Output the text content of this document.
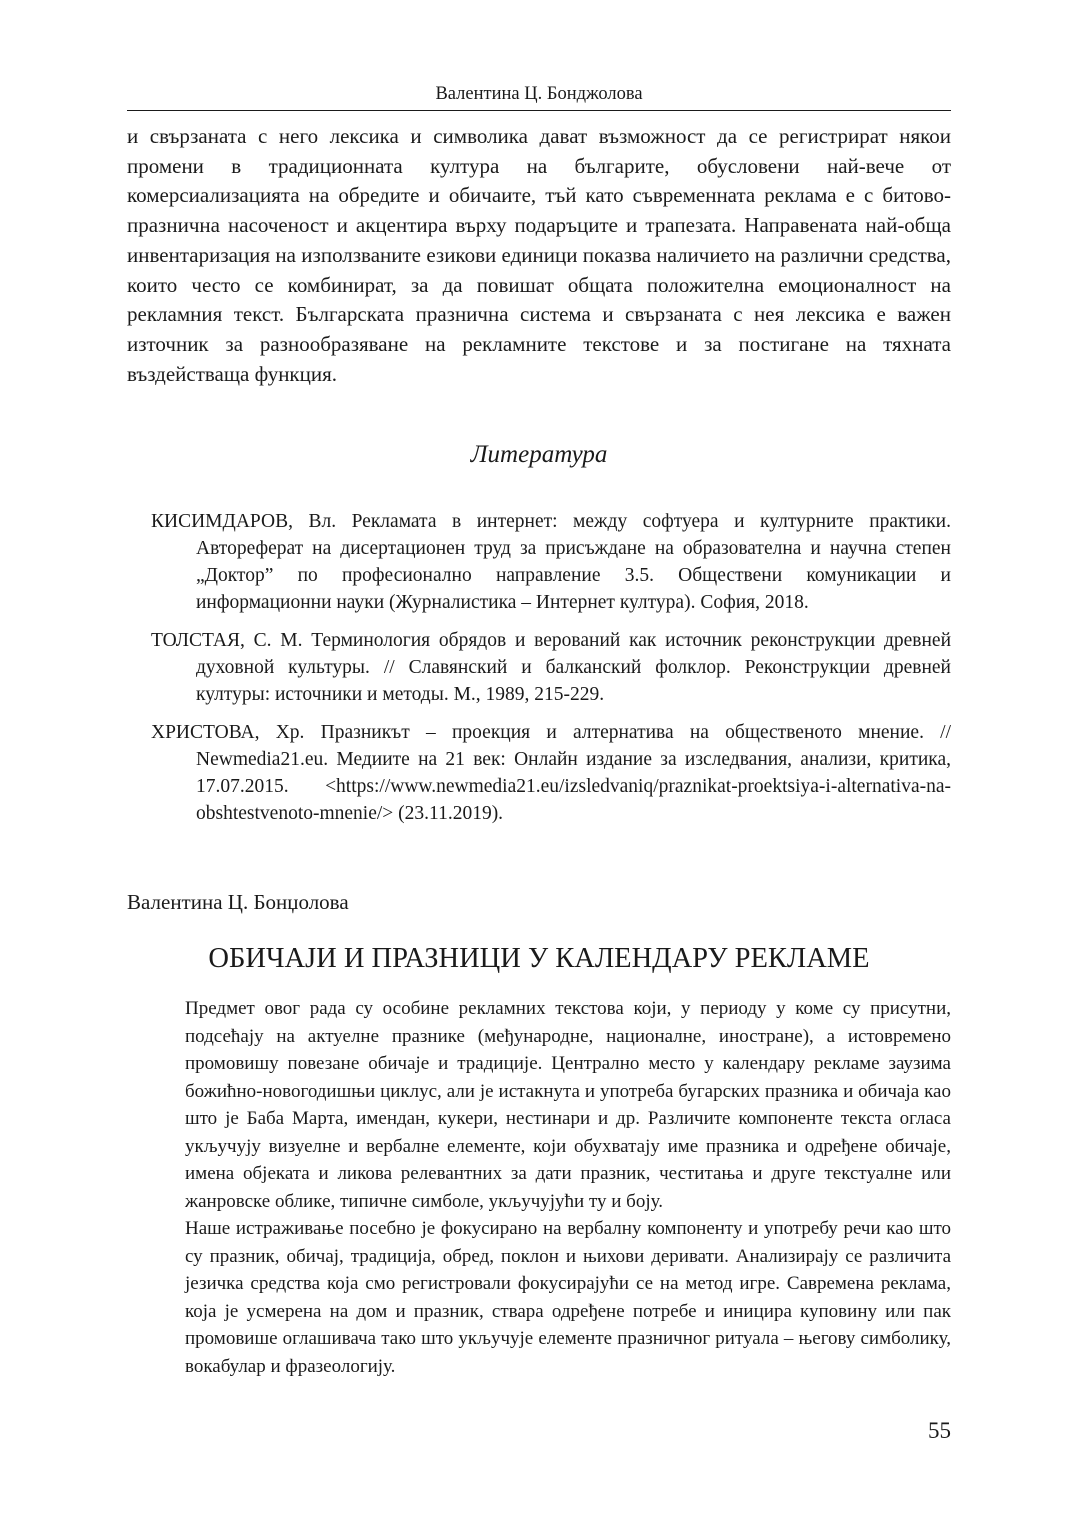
Валентина Ц. Бонджолова

и свързаната с него лексика и символика дават възможност да се регистрират някои промени в традиционната култура на българите, обусловени най-вече от комерсиализацията на обредите и обичаите, тъй като съвременната реклама е с битово-празнична насоченост и акцентира върху подаръците и трапезата. Направената най-обща инвентаризация на използваните езикови единици показва наличието на различни средства, които често се комбинират, за да повишат общата положителна емоционалност на рекламния текст. Българската празнична система и свързаната с нея лексика е важен източник за разнообразяване на рекламните текстове и за постигане на тяхната въздействаща функция.

Литература
КИСИМДАРОВ, Вл. Рекламата в интернет: между софтуера и културните практики. Автореферат на дисертационен труд за присъждане на образователна и научна степен „Доктор” по професионално направление 3.5. Обществени комуникации и информационни науки (Журналистика – Интернет култура). София, 2018.
ТОЛСТАЯ, С. М. Терминология обрядов и верований как источник реконструкции древней духовной культуры. // Славянский и балканский фолклор. Реконструкции древней културы: источники и методы. М., 1989, 215-229.
ХРИСТОВА, Хр. Празникът – проекция и алтернатива на общественото мнение. // Newmedia21.eu. Медиите на 21 век: Онлайн издание за изследвания, анализи, критика, 17.07.2015. <https://www.newmedia21.eu/izsledvaniq/praznikat-proektsiya-i-alternativa-na-obshtestvenoto-mnenie/> (23.11.2019).
Валентина Ц. Бонџолова
ОБИЧАЈИ И ПРАЗНИЦИ У КАЛЕНДАРУ РЕКЛАМЕ

Предмет овог рада су особине рекламних текстова који, у периоду у коме су присутни, подсећају на актуелне празнике (међународне, националне, иностране), а истовремено промовишу повезане обичаје и традиције. Централно место у календару рекламе заузима божићно-новогодишњи циклус, али је истакнута и употреба бугарских празника и обичаја као што је Баба Марта, имендан, кукери, нестинари и др. Различите компоненте текста огласа укључују визуелне и вербалне елементе, који обухватају име празника и одређене обичаје, имена објеката и ликова релевантних за дати празник, честитања и друге текстуалне или жанровске облике, типичне симболе, укључујући ту и боју.

Наше истраживање посебно је фокусирано на вербалну компоненту и употребу речи као што су празник, обичај, традиција, обред, поклон и њихови деривати. Анализирају се различита језичка средства која смо регистровали фокусирајући се на метод игре. Савремена реклама, која је усмерена на дом и празник, ствара одређене потребе и иницира куповину или пак промовише оглашивача тако што укључује елементе празничног ритуала – његову симболику, вокабулар и фразеологију.

55
